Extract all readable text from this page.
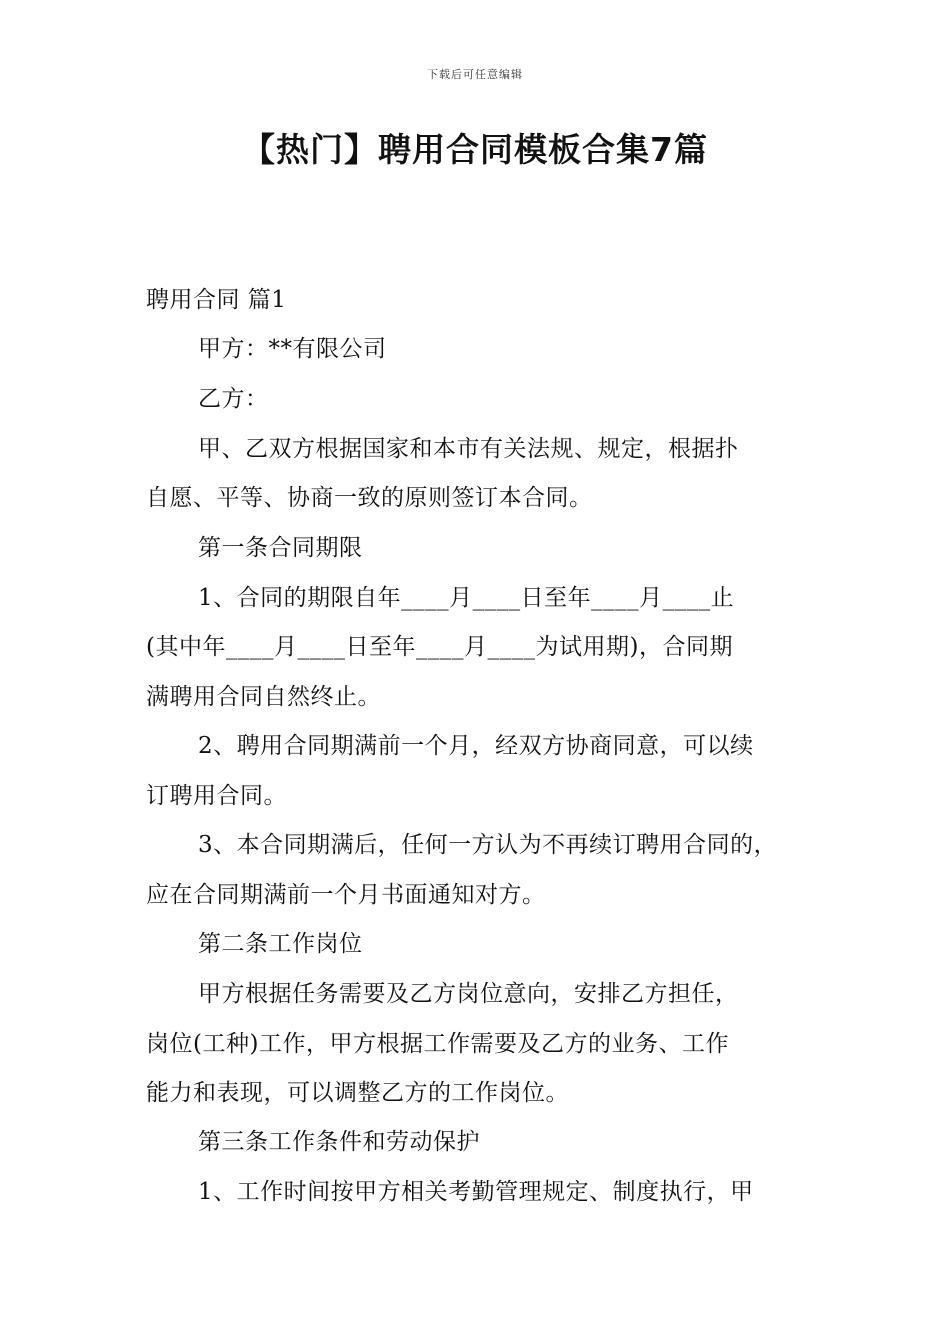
下载后可任意编辑
【热门】聘用合同模板合集7篇
聘用合同 篇1
甲方：**有限公司
乙方：
甲、乙双方根据国家和本市有关法规、规定，根据扑
自愿、平等、协商一致的原则签订本合同。
第一条合同期限
1、合同的期限自年____月____日至年____月____止
(其中年____月____日至年____月____为试用期)，合同期
满聘用合同自然终止。
2、聘用合同期满前一个月，经双方协商同意，可以续
订聘用合同。
3、本合同期满后，任何一方认为不再续订聘用合同的，
应在合同期满前一个月书面通知对方。
第二条工作岗位
甲方根据任务需要及乙方岗位意向，安排乙方担任，
岗位(工种)工作，甲方根据工作需要及乙方的业务、工作
能力和表现，可以调整乙方的工作岗位。
第三条工作条件和劳动保护
1、工作时间按甲方相关考勤管理规定、制度执行，甲
